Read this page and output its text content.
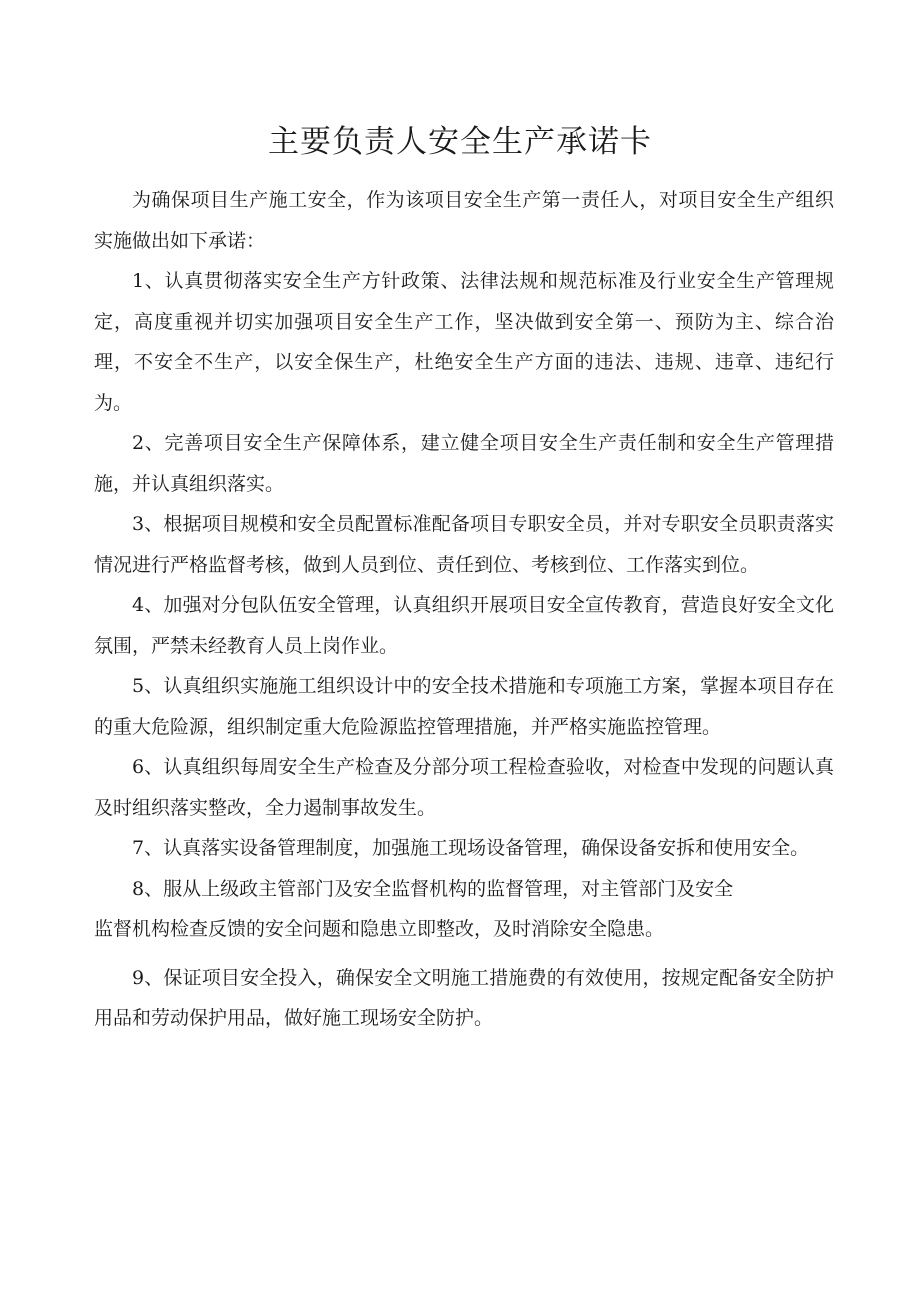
主要负责人安全生产承诺卡

为确保项目生产施工安全，作为该项目安全生产第一责任人，对项目安全生产组织实施做出如下承诺：

1、认真贯彻落实安全生产方针政策、法律法规和规范标准及行业安全生产管理规定，高度重视并切实加强项目安全生产工作，坚决做到安全第一、预防为主、综合治理，不安全不生产，以安全保生产，杜绝安全生产方面的违法、违规、违章、违纪行为。

2、完善项目安全生产保障体系，建立健全项目安全生产责任制和安全生产管理措施，并认真组织落实。

3、根据项目规模和安全员配置标准配备项目专职安全员，并对专职安全员职责落实情况进行严格监督考核，做到人员到位、责任到位、考核到位、工作落实到位。

4、加强对分包队伍安全管理，认真组织开展项目安全宣传教育，营造良好安全文化氛围，严禁未经教育人员上岗作业。

5、认真组织实施施工组织设计中的安全技术措施和专项施工方案，掌握本项目存在的重大危险源，组织制定重大危险源监控管理措施，并严格实施监控管理。

6、认真组织每周安全生产检查及分部分项工程检查验收，对检查中发现的问题认真及时组织落实整改，全力遏制事故发生。

7、认真落实设备管理制度，加强施工现场设备管理，确保设备安拆和使用安全。

8、服从上级政主管部门及安全监督机构的监督管理，对主管部门及安全
监督机构检查反馈的安全问题和隐患立即整改，及时消除安全隐患。

9、保证项目安全投入，确保安全文明施工措施费的有效使用，按规定配备安全防护用品和劳动保护用品，做好施工现场安全防护。
